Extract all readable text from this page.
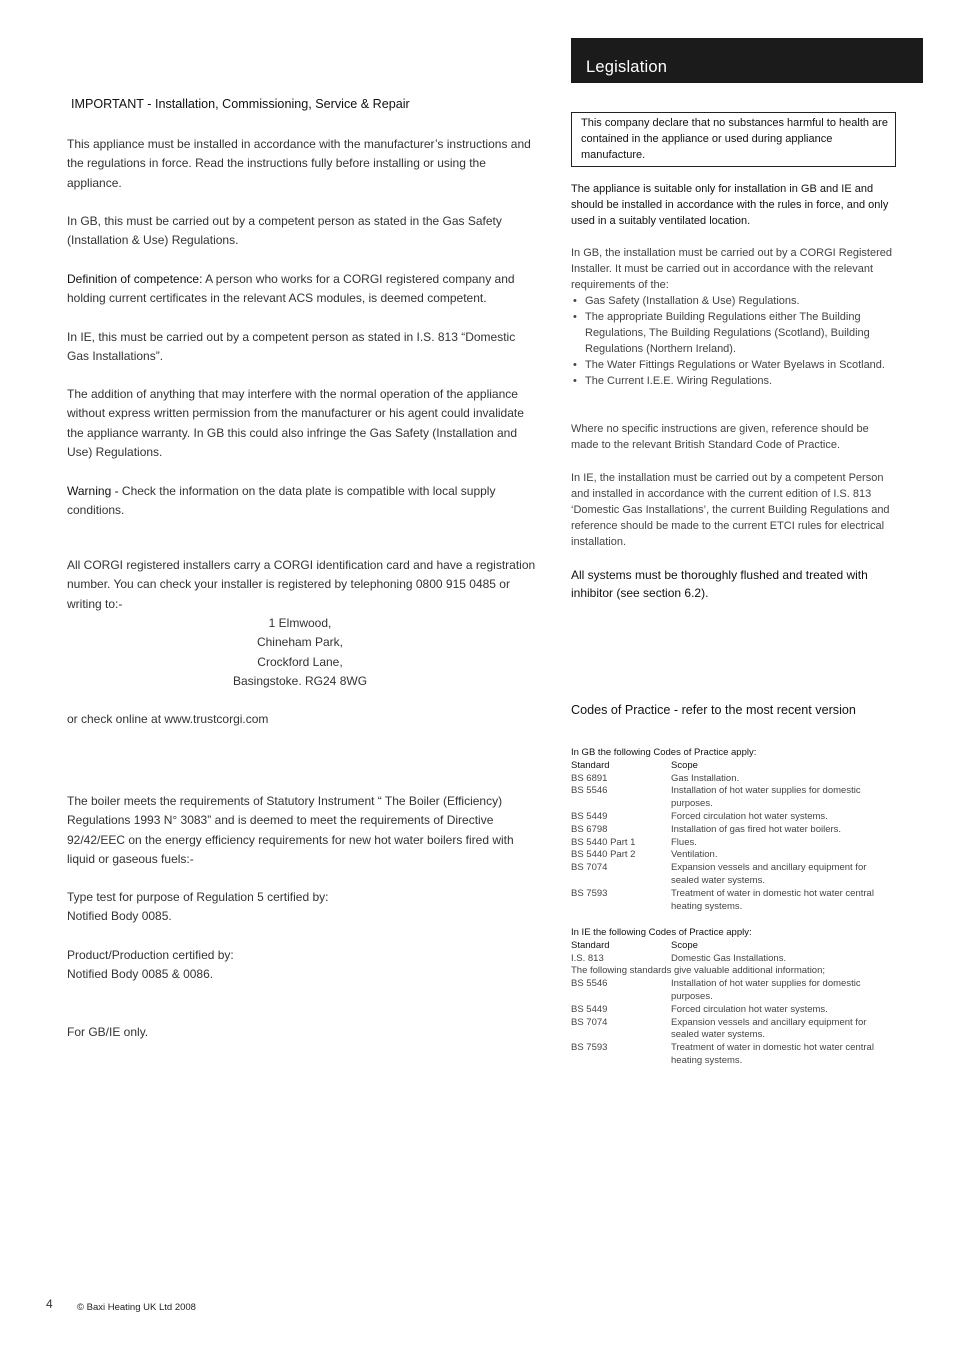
IMPORTANT - Installation, Commissioning, Service & Repair

This appliance must be installed in accordance with the manufacturer’s instructions and the regulations in force. Read the instructions fully before installing or using the appliance.

In GB, this must be carried out by a competent person as stated in the Gas Safety (Installation & Use) Regulations.

Definition of competence: A person who works for a CORGI registered company and holding current certificates in the relevant ACS modules, is deemed competent.

In IE, this must be carried out by a competent person as stated in I.S. 813 “Domestic Gas Installations”.

The addition of anything that may interfere with the normal operation of the appliance without express written permission from the manufacturer or his agent could invalidate the appliance warranty. In GB this could also infringe the Gas Safety (Installation and Use) Regulations.

Warning - Check the information on the data plate is compatible with local supply conditions.

All CORGI registered installers carry a CORGI identification card and have a registration number. You can check your installer is registered by telephoning 0800 915 0485 or writing to:-

1 Elmwood,
Chineham Park,
Crockford Lane,
Basingstoke. RG24 8WG

or check online at www.trustcorgi.com

The boiler meets the requirements of Statutory Instrument “ The Boiler (Efficiency) Regulations 1993 N° 3083” and is deemed to meet the requirements of Directive 92/42/EEC on the energy efficiency requirements for new hot water boilers fired with liquid or gaseous fuels:-

Type test for purpose of Regulation 5 certified by:
Notified Body 0085.

Product/Production certified by:
Notified Body 0085 & 0086.

For GB/IE only.

Legislation
This company declare that no substances harmful to health are contained in the appliance or used during appliance manufacture.

The appliance is suitable only for installation in GB and IE and should be installed in accordance with the rules in force, and only used in a suitably ventilated location.

In GB, the installation must be carried out by a CORGI Registered Installer. It must be carried out in accordance with the relevant requirements of the:

• Gas Safety (Installation & Use) Regulations.
• The appropriate Building Regulations either The Building Regulations, The Building Regulations (Scotland), Building Regulations (Northern Ireland).
• The Water Fittings Regulations or Water Byelaws in Scotland.
• The Current I.E.E. Wiring Regulations.

Where no specific instructions are given, reference should be made to the relevant British Standard Code of Practice.

In IE, the installation must be carried out by a competent Person and installed in accordance with the current edition of I.S. 813 ‘Domestic Gas Installations’, the current Building Regulations and reference should be made to the current ETCI rules for electrical installation.

All systems must be thoroughly flushed and treated with inhibitor (see section 6.2).

Codes of Practice - refer to the most recent version
In GB the following Codes of Practice apply:
Standard	Scope
BS 6891	Gas Installation.
BS 5546	Installation of hot water supplies for domestic purposes.
BS 5449	Forced circulation hot water systems.
BS 6798	Installation of gas fired hot water boilers.
BS 5440 Part 1	Flues.
BS 5440 Part 2	Ventilation.
BS 7074	Expansion vessels and ancillary equipment for sealed water systems.
BS 7593	Treatment of water in domestic hot water central heating systems.
In IE the following Codes of Practice apply:
Standard	Scope
I.S. 813	Domestic Gas Installations.
The following standards give valuable additional information;
BS 5546	Installation of hot water supplies for domestic purposes.
BS 5449	Forced circulation hot water systems.
BS 7074	Expansion vessels and ancillary equipment for sealed water systems.
BS 7593	Treatment of water in domestic hot water central heating systems.
4	© Baxi Heating UK Ltd 2008
